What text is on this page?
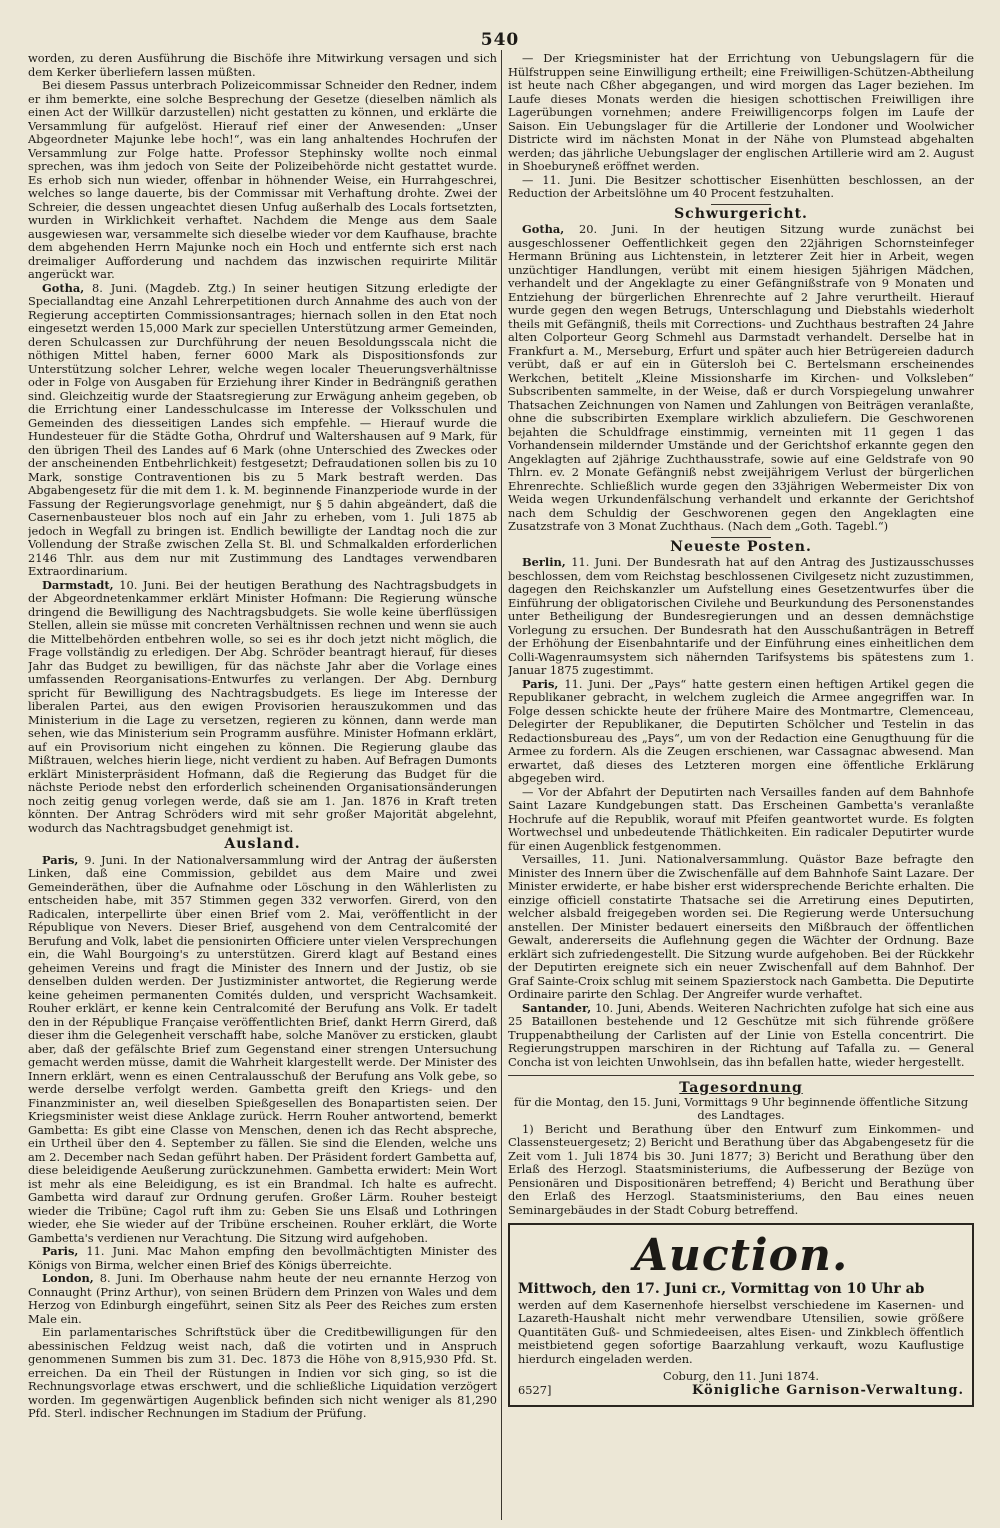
540

worden, zu deren Ausführung die Bischöfe ihre Mitwirkung versagen und sich dem Kerker überliefern lassen müßten.

Bei diesem Passus unterbrach Polizeicommissar Schneider den Redner, indem er ihm bemerkte, eine solche Besprechung der Gesetze (dieselben nämlich als einen Act der Willkür darzustellen) nicht gestatten zu können, und erklärte die Versammlung für aufgelöst. Hierauf rief einer der Anwesenden: „Unser Abgeordneter Majunke lebe hoch!“, was ein lang anhaltendes Hochrufen der Versammlung zur Folge hatte. Professor Stephinsky wollte noch einmal sprechen, was ihm jedoch von Seite der Polizeibehörde nicht gestattet wurde. Es erhob sich nun wieder, offenbar in höhnender Weise, ein Hurrahgeschrei, welches so lange dauerte, bis der Commissar mit Verhaftung drohte. Zwei der Schreier, die dessen ungeachtet diesen Unfug außerhalb des Locals fortsetzten, wurden in Wirklichkeit verhaftet. Nachdem die Menge aus dem Saale ausgewiesen war, versammelte sich dieselbe wieder vor dem Kaufhause, brachte dem abgehenden Herrn Majunke noch ein Hoch und entfernte sich erst nach dreimaliger Aufforderung und nachdem das inzwischen requirirte Militär angerückt war.

Gotha, 8. Juni. (Magdeb. Ztg.) In seiner heutigen Sitzung erledigte der Speciallandtag eine Anzahl Lehrerpetitionen durch Annahme des auch von der Regierung acceptirten Commissionsantrages; hiernach sollen in den Etat noch eingesetzt werden 15,000 Mark zur speciellen Unterstützung armer Gemeinden, deren Schulcassen zur Durchführung der neuen Besoldungsscala nicht die nöthigen Mittel haben, ferner 6000 Mark als Dispositionsfonds zur Unterstützung solcher Lehrer, welche wegen localer Theuerungsverhältnisse oder in Folge von Ausgaben für Erziehung ihrer Kinder in Bedrängniß gerathen sind. Gleichzeitig wurde der Staatsregierung zur Erwägung anheim gegeben, ob die Errichtung einer Landesschulcasse im Interesse der Volksschulen und Gemeinden des diesseitigen Landes sich empfehle. — Hierauf wurde die Hundesteuer für die Städte Gotha, Ohrdruf und Waltershausen auf 9 Mark, für den übrigen Theil des Landes auf 6 Mark (ohne Unterschied des Zweckes oder der anscheinenden Entbehrlichkeit) festgesetzt; Defraudationen sollen bis zu 10 Mark, sonstige Contraventionen bis zu 5 Mark bestraft werden. Das Abgabengesetz für die mit dem 1. k. M. beginnende Finanzperiode wurde in der Fassung der Regierungsvorlage genehmigt, nur § 5 dahin abgeändert, daß die Casernenbausteuer blos noch auf ein Jahr zu erheben, vom 1. Juli 1875 ab jedoch in Wegfall zu bringen ist. Endlich bewilligte der Landtag noch die zur Vollendung der Straße zwischen Zella St. Bl. und Schmalkalden erforderlichen 2146 Thlr. aus dem nur mit Zustimmung des Landtages verwendbaren Extraordinarium.

Darmstadt, 10. Juni. Bei der heutigen Berathung des Nachtragsbudgets in der Abgeordnetenkammer erklärt Minister Hofmann: Die Regierung wünsche dringend die Bewilligung des Nachtragsbudgets. Sie wolle keine überflüssigen Stellen, allein sie müsse mit concreten Verhältnissen rechnen und wenn sie auch die Mittelbehörden entbehren wolle, so sei es ihr doch jetzt nicht möglich, die Frage vollständig zu erledigen. Der Abg. Schröder beantragt hierauf, für dieses Jahr das Budget zu bewilligen, für das nächste Jahr aber die Vorlage eines umfassenden Reorganisations-Entwurfes zu verlangen. Der Abg. Dernburg spricht für Bewilligung des Nachtragsbudgets. Es liege im Interesse der liberalen Partei, aus den ewigen Provisorien herauszukommen und das Ministerium in die Lage zu versetzen, regieren zu können, dann werde man sehen, wie das Ministerium sein Programm ausführe. Minister Hofmann erklärt, auf ein Provisorium nicht eingehen zu können. Die Regierung glaube das Mißtrauen, welches hierin liege, nicht verdient zu haben. Auf Befragen Dumonts erklärt Ministerpräsident Hofmann, daß die Regierung das Budget für die nächste Periode nebst den erforderlich scheinenden Organisationsänderungen noch zeitig genug vorlegen werde, daß sie am 1. Jan. 1876 in Kraft treten könnten. Der Antrag Schröders wird mit sehr großer Majorität abgelehnt, wodurch das Nachtragsbudget genehmigt ist.

Ausland.

Paris, 9. Juni. In der Nationalversammlung wird der Antrag der äußersten Linken, daß eine Commission, gebildet aus dem Maire und zwei Gemeinderäthen, über die Aufnahme oder Löschung in den Wählerlisten zu entscheiden habe, mit 357 Stimmen gegen 332 verworfen. Girerd, von den Radicalen, interpellirte über einen Brief vom 2. Mai, veröffentlicht in der République von Nevers. Dieser Brief, ausgehend von dem Centralcomité der Berufung and Volk, labet die pensionirten Officiere unter vielen Versprechungen ein, die Wahl Bourgoing's zu unterstützen. Girerd klagt auf Bestand eines geheimen Vereins und fragt die Minister des Innern und der Justiz, ob sie denselben dulden werden. Der Justizminister antwortet, die Regierung werde keine geheimen permanenten Comités dulden, und verspricht Wachsamkeit. Rouher erklärt, er kenne kein Centralcomité der Berufung ans Volk. Er tadelt den in der République Française veröffentlichten Brief, dankt Herrn Girerd, daß dieser ihm die Gelegenheit verschafft habe, solche Manöver zu ersticken, glaubt aber, daß der gefälschte Brief zum Gegenstand einer strengen Untersuchung gemacht werden müsse, damit die Wahrheit klargestellt werde. Der Minister des Innern erklärt, wenn es einen Centralausschuß der Berufung ans Volk gebe, so werde derselbe verfolgt werden. Gambetta greift den Kriegs- und den Finanzminister an, weil dieselben Spießgesellen des Bonapartisten seien. Der Kriegsminister weist diese Anklage zurück. Herrn Rouher antwortend, bemerkt Gambetta: Es gibt eine Classe von Menschen, denen ich das Recht abspreche, ein Urtheil über den 4. September zu fällen. Sie sind die Elenden, welche uns am 2. December nach Sedan geführt haben. Der Präsident fordert Gambetta auf, diese beleidigende Aeußerung zurückzunehmen. Gambetta erwidert: Mein Wort ist mehr als eine Beleidigung, es ist ein Brandmal. Ich halte es aufrecht. Gambetta wird darauf zur Ordnung gerufen. Großer Lärm. Rouher besteigt wieder die Tribüne; Cagol ruft ihm zu: Geben Sie uns Elsaß und Lothringen wieder, ehe Sie wieder auf der Tribüne erscheinen. Rouher erklärt, die Worte Gambetta's verdienen nur Verachtung. Die Sitzung wird aufgehoben.

Paris, 11. Juni. Mac Mahon empfing den bevollmächtigten Minister des Königs von Birma, welcher einen Brief des Königs überreichte.

London, 8. Juni. Im Oberhause nahm heute der neu ernannte Herzog von Connaught (Prinz Arthur), von seinen Brüdern dem Prinzen von Wales und dem Herzog von Edinburgh eingeführt, seinen Sitz als Peer des Reiches zum ersten Male ein.

Ein parlamentarisches Schriftstück über die Creditbewilligungen für den abessinischen Feldzug weist nach, daß die votirten und in Anspruch genommenen Summen bis zum 31. Dec. 1873 die Höhe von 8,915,930 Pfd. St. erreichen. Da ein Theil der Rüstungen in Indien vor sich ging, so ist die Rechnungsvorlage etwas erschwert, und die schließliche Liquidation verzögert worden. Im gegenwärtigen Augenblick befinden sich nicht weniger als 81,290 Pfd. Sterl. indischer Rechnungen im Stadium der Prüfung.

— Der Kriegsminister hat der Errichtung von Uebungslagern für die Hülfstruppen seine Einwilligung ertheilt; eine Freiwilligen-Schützen-Abtheilung ist heute nach Cßher abgegangen, und wird morgen das Lager beziehen. Im Laufe dieses Monats werden die hiesigen schottischen Freiwilligen ihre Lagerübungen vornehmen; andere Freiwilligencorps folgen im Laufe der Saison. Ein Uebungslager für die Artillerie der Londoner und Woolwicher Districte wird im nächsten Monat in der Nähe von Plumstead abgehalten werden; das jährliche Uebungslager der englischen Artillerie wird am 2. August in Shoeburyneß eröffnet werden.

— 11. Juni. Die Besitzer schottischer Eisenhütten beschlossen, an der Reduction der Arbeitslöhne um 40 Procent festzuhalten.

Schwurgericht.

Gotha, 20. Juni. In der heutigen Sitzung wurde zunächst bei ausgeschlossener Oeffentlichkeit gegen den 22jährigen Schornsteinfeger Hermann Brüning aus Lichtenstein, in letzterer Zeit hier in Arbeit, wegen unzüchtiger Handlungen, verübt mit einem hiesigen 5jährigen Mädchen, verhandelt und der Angeklagte zu einer Gefängnißstrafe von 9 Monaten und Entziehung der bürgerlichen Ehrenrechte auf 2 Jahre verurtheilt. Hierauf wurde gegen den wegen Betrugs, Unterschlagung und Diebstahls wiederholt theils mit Gefängniß, theils mit Corrections- und Zuchthaus bestraften 24 Jahre alten Colporteur Georg Schmehl aus Darmstadt verhandelt. Derselbe hat in Frankfurt a. M., Merseburg, Erfurt und später auch hier Betrügereien dadurch verübt, daß er auf ein in Gütersloh bei C. Bertelsmann erscheinendes Werkchen, betitelt „Kleine Missionsharfe im Kirchen- und Volksleben“ Subscribenten sammelte, in der Weise, daß er durch Vorspiegelung unwahrer Thatsachen Zeichnungen von Namen und Zahlungen von Beiträgen veranlaßte, ohne die subscribirten Exemplare wirklich abzuliefern. Die Geschworenen bejahten die Schuldfrage einstimmig, verneinten mit 11 gegen 1 das Vorhandensein mildernder Umstände und der Gerichtshof erkannte gegen den Angeklagten auf 2jährige Zuchthausstrafe, sowie auf eine Geldstrafe von 90 Thlrn. ev. 2 Monate Gefängniß nebst zweijährigem Verlust der bürgerlichen Ehrenrechte. Schließlich wurde gegen den 33jährigen Webermeister Dix von Weida wegen Urkundenfälschung verhandelt und erkannte der Gerichtshof nach dem Schuldig der Geschworenen gegen den Angeklagten eine Zusatzstrafe von 3 Monat Zuchthaus. (Nach dem „Goth. Tagebl.“)

Neueste Posten.

Berlin, 11. Juni. Der Bundesrath hat auf den Antrag des Justizausschusses beschlossen, dem vom Reichstag beschlossenen Civilgesetz nicht zuzustimmen, dagegen den Reichskanzler um Aufstellung eines Gesetzentwurfes über die Einführung der obligatorischen Civilehe und Beurkundung des Personenstandes unter Betheiligung der Bundesregierungen und an dessen demnächstige Vorlegung zu ersuchen. Der Bundesrath hat den Ausschußanträgen in Betreff der Erhöhung der Eisenbahntarife und der Einführung eines einheitlichen dem Colli-Wagenraumsystem sich nähernden Tarifsystems bis spätestens zum 1. Januar 1875 zugestimmt.

Paris, 11. Juni. Der „Pays“ hatte gestern einen heftigen Artikel gegen die Republikaner gebracht, in welchem zugleich die Armee angegriffen war. In Folge dessen schickte heute der frühere Maire des Montmartre, Clemenceau, Delegirter der Republikaner, die Deputirten Schölcher und Testelin in das Redactionsbureau des „Pays“, um von der Redaction eine Genugthuung für die Armee zu fordern. Als die Zeugen erschienen, war Cassagnac abwesend. Man erwartet, daß dieses des Letzteren morgen eine öffentliche Erklärung abgegeben wird.

— Vor der Abfahrt der Deputirten nach Versailles fanden auf dem Bahnhofe Saint Lazare Kundgebungen statt. Das Erscheinen Gambetta's veranlaßte Hochrufe auf die Republik, worauf mit Pfeifen geantwortet wurde. Es folgten Wortwechsel und unbedeutende Thätlichkeiten. Ein radicaler Deputirter wurde für einen Augenblick festgenommen.

Versailles, 11. Juni. Nationalversammlung. Quästor Baze befragte den Minister des Innern über die Zwischenfälle auf dem Bahnhofe Saint Lazare. Der Minister erwiderte, er habe bisher erst widersprechende Berichte erhalten. Die einzige officiell constatirte Thatsache sei die Arretirung eines Deputirten, welcher alsbald freigegeben worden sei. Die Regierung werde Untersuchung anstellen. Der Minister bedauert einerseits den Mißbrauch der öffentlichen Gewalt, andererseits die Auflehnung gegen die Wächter der Ordnung. Baze erklärt sich zufriedengestellt. Die Sitzung wurde aufgehoben. Bei der Rückkehr der Deputirten ereignete sich ein neuer Zwischenfall auf dem Bahnhof. Der Graf Sainte-Croix schlug mit seinem Spazierstock nach Gambetta. Die Deputirte Ordinaire parirte den Schlag. Der Angreifer wurde verhaftet.

Santander, 10. Juni, Abends. Weiteren Nachrichten zufolge hat sich eine aus 25 Bataillonen bestehende und 12 Geschütze mit sich führende größere Truppenabtheilung der Carlisten auf der Linie von Estella concentrirt. Die Regierungstruppen marschiren in der Richtung auf Tafalla zu. — General Concha ist von leichten Unwohlsein, das ihn befallen hatte, wieder hergestellt.

Tagesordnung

für die Montag, den 15. Juni, Vormittags 9 Uhr beginnende öffentliche Sitzung des Landtages.

1) Bericht und Berathung über den Entwurf zum Einkommen- und Classensteuergesetz; 2) Bericht und Berathung über das Abgabengesetz für die Zeit vom 1. Juli 1874 bis 30. Juni 1877; 3) Bericht und Berathung über den Erlaß des Herzogl. Staatsministeriums, die Aufbesserung der Bezüge von Pensionären und Dispositionären betreffend; 4) Bericht und Berathung über den Erlaß des Herzogl. Staatsministeriums, den Bau eines neuen Seminargebäudes in der Stadt Coburg betreffend.

Auction.
Mittwoch, den 17. Juni cr., Vormittag von 10 Uhr ab
werden auf dem Kasernenhofe hierselbst verschiedene im Kasernen- und Lazareth-Haushalt nicht mehr verwendbare Utensilien, sowie größere Quantitäten Guß- und Schmiedeeisen, altes Eisen- und Zinkblech öffentlich meistbietend gegen sofortige Baarzahlung verkauft, wozu Kauflustige hierdurch eingeladen werden.
Coburg, den 11. Juni 1874.
6527]	Königliche Garnison-Verwaltung.
